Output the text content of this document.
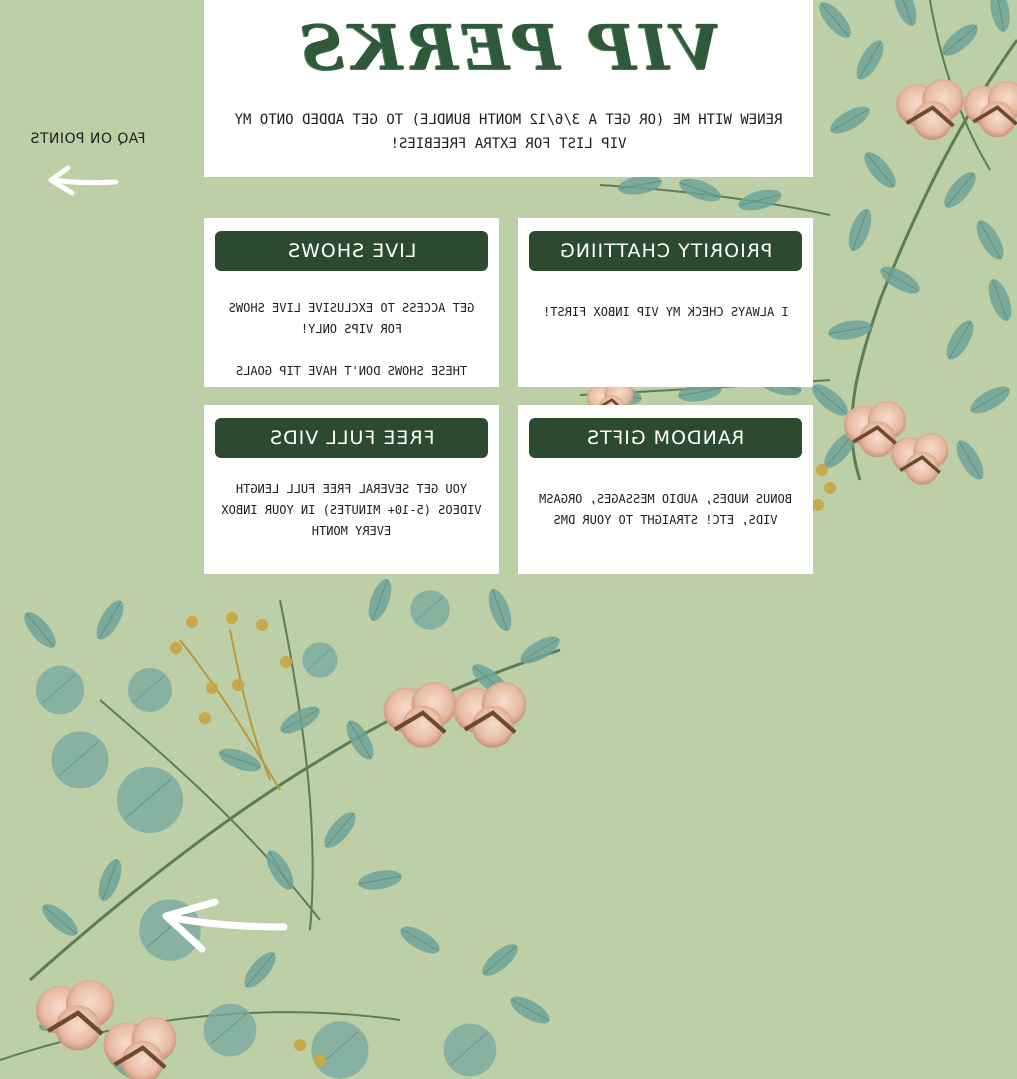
VIP PERKS
RENEW WITH ME (OR GET A 3/6/12 MONTH BUNDLE) TO GET ADDED ONTO MY VIP LIST FOR EXTRA FREEBIES!
FAQ ON POINTS
PRIORITY CHATTIING
I ALWAYS CHECK MY VIP INBOX FIRST!
LIVE SHOWS

GET ACCESS TO EXCLUSIVE LIVE SHOWS FOR VIPS ONLY!

THESE SHOWS DON'T HAVE TIP GOALS

RANDOM GIFTS
BONUS NUDES, AUDIO MESSAGES, ORGASM VIDS, ETC! STRAIGHT TO YOUR DMS
FREE FULL VIDS
YOU GET SEVERAL FREE FULL LENGTH VIDEOS (5-10+ MINUTES) IN YOUR INBOX EVERY MONTH
